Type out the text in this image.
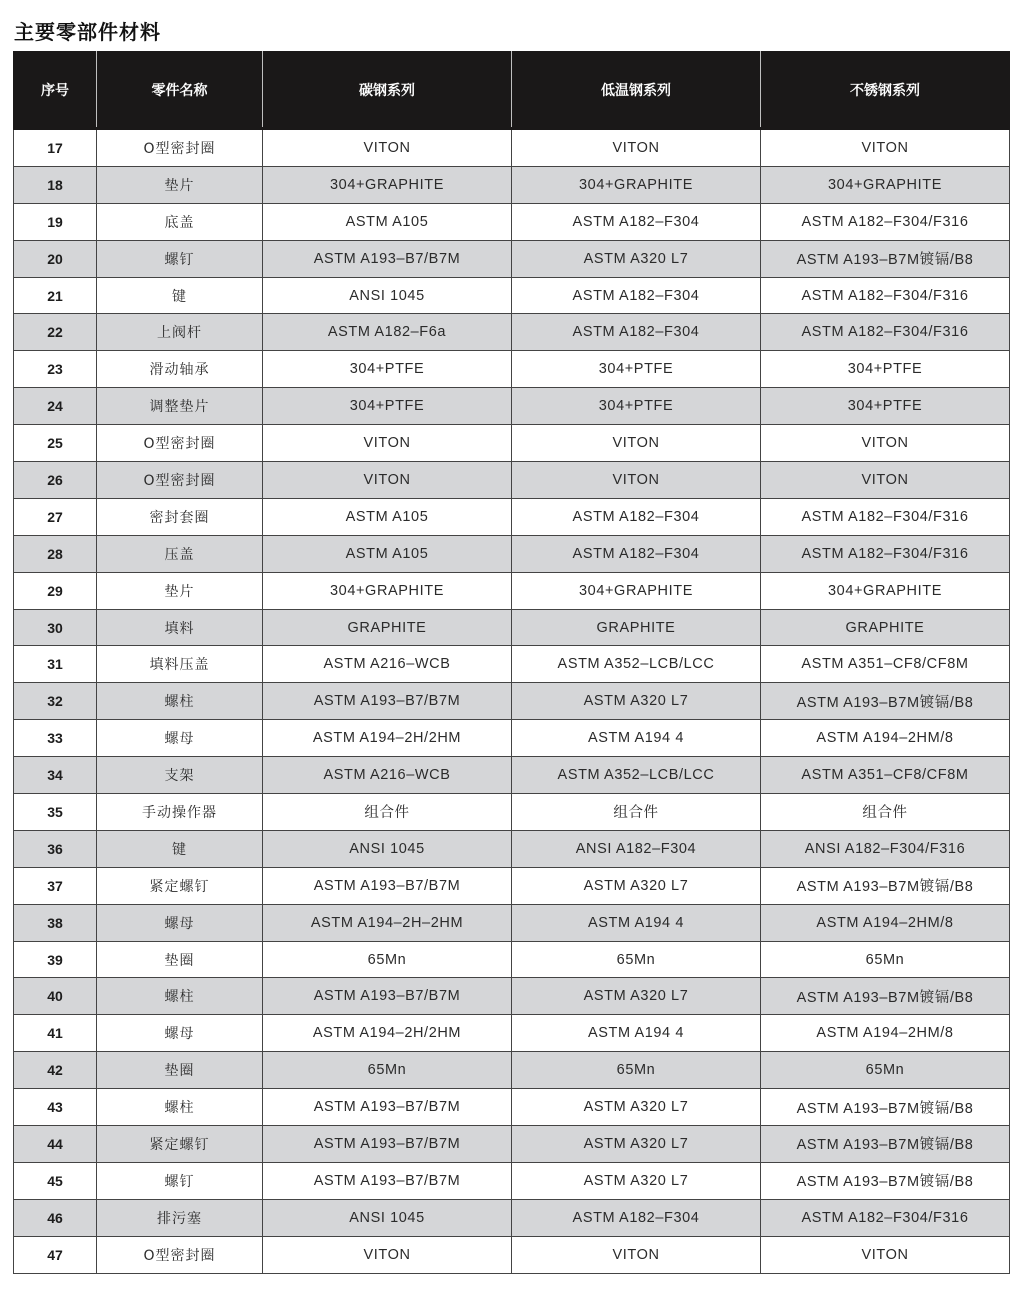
主要零部件材料
序号	零件名称	碳钢系列	低温钢系列	不锈钢系列
17	O型密封圈	VITON	VITON	VITON
18	垫片	304+GRAPHITE	304+GRAPHITE	304+GRAPHITE
19	底盖	ASTM A105	ASTM A182–F304	ASTM A182–F304/F316
20	螺钉	ASTM A193–B7/B7M	ASTM A320 L7	ASTM A193–B7M镀镉/B8
21	键	ANSI 1045	ASTM A182–F304	ASTM A182–F304/F316
22	上阀杆	ASTM A182–F6a	ASTM A182–F304	ASTM A182–F304/F316
23	滑动轴承	304+PTFE	304+PTFE	304+PTFE
24	调整垫片	304+PTFE	304+PTFE	304+PTFE
25	O型密封圈	VITON	VITON	VITON
26	O型密封圈	VITON	VITON	VITON
27	密封套圈	ASTM A105	ASTM A182–F304	ASTM A182–F304/F316
28	压盖	ASTM A105	ASTM A182–F304	ASTM A182–F304/F316
29	垫片	304+GRAPHITE	304+GRAPHITE	304+GRAPHITE
30	填料	GRAPHITE	GRAPHITE	GRAPHITE
31	填料压盖	ASTM A216–WCB	ASTM A352–LCB/LCC	ASTM A351–CF8/CF8M
32	螺柱	ASTM A193–B7/B7M	ASTM A320 L7	ASTM A193–B7M镀镉/B8
33	螺母	ASTM A194–2H/2HM	ASTM A194 4	ASTM A194–2HM/8
34	支架	ASTM A216–WCB	ASTM A352–LCB/LCC	ASTM A351–CF8/CF8M
35	手动操作器	组合件	组合件	组合件
36	键	ANSI 1045	ANSI A182–F304	ANSI A182–F304/F316
37	紧定螺钉	ASTM A193–B7/B7M	ASTM A320 L7	ASTM A193–B7M镀镉/B8
38	螺母	ASTM A194–2H–2HM	ASTM A194 4	ASTM A194–2HM/8
39	垫圈	65Mn	65Mn	65Mn
40	螺柱	ASTM A193–B7/B7M	ASTM A320 L7	ASTM A193–B7M镀镉/B8
41	螺母	ASTM A194–2H/2HM	ASTM A194 4	ASTM A194–2HM/8
42	垫圈	65Mn	65Mn	65Mn
43	螺柱	ASTM A193–B7/B7M	ASTM A320 L7	ASTM A193–B7M镀镉/B8
44	紧定螺钉	ASTM A193–B7/B7M	ASTM A320 L7	ASTM A193–B7M镀镉/B8
45	螺钉	ASTM A193–B7/B7M	ASTM A320 L7	ASTM A193–B7M镀镉/B8
46	排污塞	ANSI 1045	ASTM A182–F304	ASTM A182–F304/F316
47	O型密封圈	VITON	VITON	VITON
